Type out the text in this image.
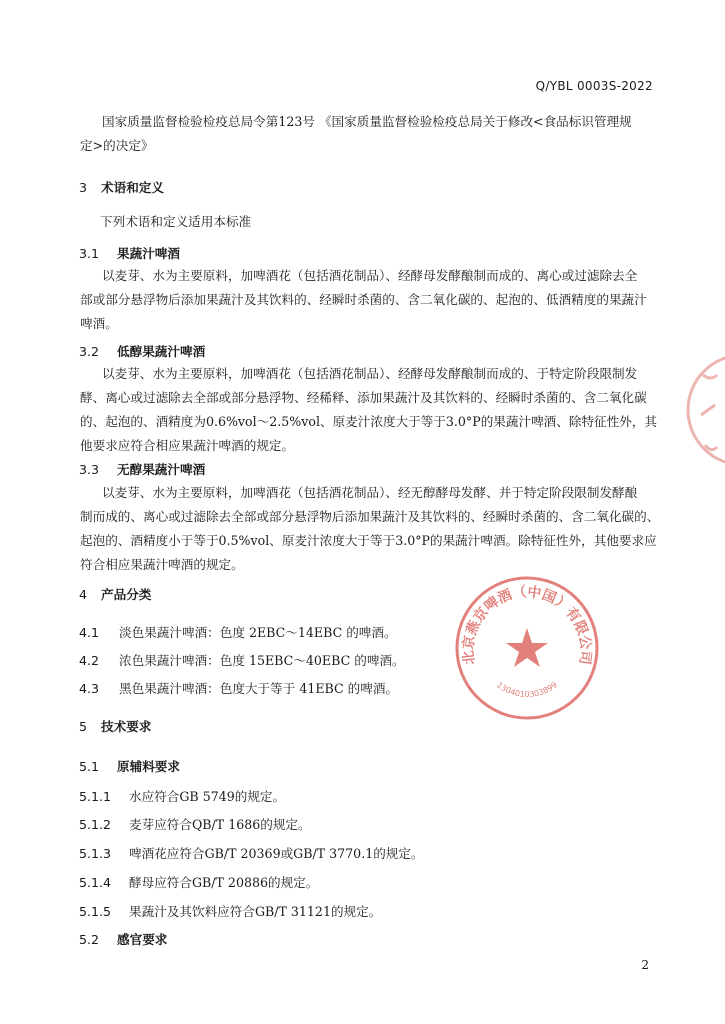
Q/YBL 0003S-2022
国家质量监督检验检疫总局令第123号 《国家质量监督检验检疫总局关于修改<食品标识管理规
定>的决定》
3 术语和定义
下列术语和定义适用本标准
3.1 果蔬汁啤酒
以麦芽、水为主要原料，加啤酒花（包括酒花制品）、经酵母发酵酿制而成的、离心或过滤除去全
部或部分悬浮物后添加果蔬汁及其饮料的、经瞬时杀菌的、含二氧化碳的、起泡的、低酒精度的果蔬汁
啤酒。
3.2 低醇果蔬汁啤酒
以麦芽、水为主要原料，加啤酒花（包括酒花制品）、经酵母发酵酿制而成的、于特定阶段限制发
酵、离心或过滤除去全部或部分悬浮物、经稀释、添加果蔬汁及其饮料的、经瞬时杀菌的、含二氧化碳
的、起泡的、酒精度为0.6%vol～2.5%vol、原麦汁浓度大于等于3.0°P的果蔬汁啤酒、除特征性外，其
他要求应符合相应果蔬汁啤酒的规定。
3.3 无醇果蔬汁啤酒
以麦芽、水为主要原料，加啤酒花（包括酒花制品）、经无醇酵母发酵、并于特定阶段限制发酵酿
制而成的、离心或过滤除去全部或部分悬浮物后添加果蔬汁及其饮料的、经瞬时杀菌的、含二氧化碳的、
起泡的、酒精度小于等于0.5%vol、原麦汁浓度大于等于3.0°P的果蔬汁啤酒。除特征性外，其他要求应
符合相应果蔬汁啤酒的规定。
4 产品分类
4.1 淡色果蔬汁啤酒：色度 2EBC～14EBC 的啤酒。
4.2 浓色果蔬汁啤酒：色度 15EBC～40EBC 的啤酒。
4.3 黑色果蔬汁啤酒：色度大于等于 41EBC 的啤酒。
5 技术要求
5.1 原辅料要求
5.1.1 水应符合GB 5749的规定。
5.1.2 麦芽应符合QB/T 1686的规定。
5.1.3 啤酒花应符合GB/T 20369或GB/T 3770.1的规定。
5.1.4 酵母应符合GB/T 20886的规定。
5.1.5 果蔬汁及其饮料应符合GB/T 31121的规定。
5.2 感官要求
2
北京燕京啤酒（中国）有限公司
1304010303899
